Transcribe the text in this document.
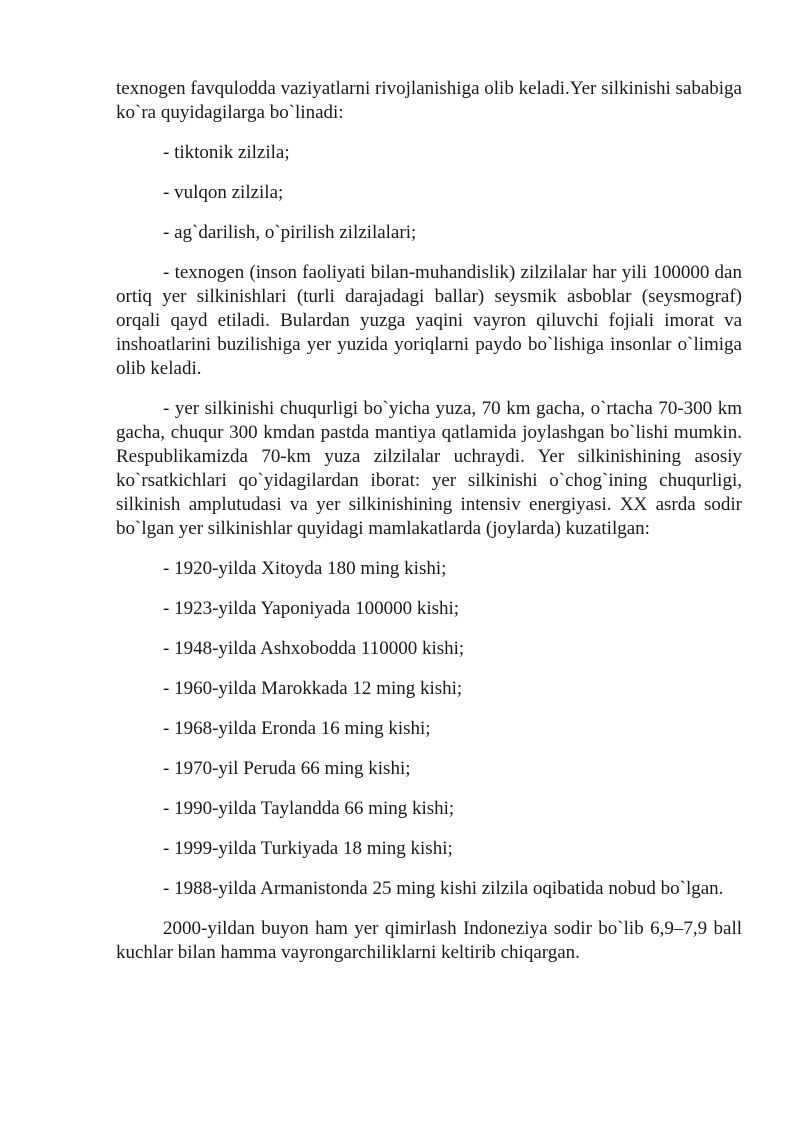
texnogen favqulodda vaziyatlarni rivojlanishiga olib keladi.Yer silkinishi sababiga ko`ra quyidagilarga bo`linadi:

- tiktonik zilzila;

- vulqon zilzila;

- ag`darilish, o`pirilish zilzilalari;

- texnogen (inson faoliyati bilan-muhandislik) zilzilalar har yili 100000 dan ortiq yer silkinishlari (turli darajadagi ballar) seysmik asboblar (seysmograf) orqali qayd etiladi. Bulardan yuzga yaqini vayron qiluvchi fojiali imorat va inshoatlarini buzilishiga yer yuzida yoriqlarni paydo bo`lishiga insonlar o`limiga olib keladi.

- yer silkinishi chuqurligi bo`yicha yuza, 70 km gacha, o`rtacha 70-300 km gacha, chuqur 300 kmdan pastda mantiya qatlamida joylashgan bo`lishi mumkin. Respublikamizda 70-km yuza zilzilalar uchraydi. Yer silkinishining asosiy ko`rsatkichlari qo`yidagilardan iborat: yer silkinishi o`chog`ining chuqurligi, silkinish amplutudasi va yer silkinishining intensiv energiyasi. XX asrda sodir bo`lgan yer silkinishlar quyidagi mamlakatlarda (joylarda) kuzatilgan:

- 1920-yilda Xitoyda 180 ming kishi;

- 1923-yilda Yaponiyada 100000 kishi;

- 1948-yilda Ashxobodda 110000 kishi;

- 1960-yilda Marokkada 12 ming kishi;

- 1968-yilda Eronda 16 ming kishi;

- 1970-yil Peruda 66 ming kishi;

- 1990-yilda Taylandda 66 ming kishi;

- 1999-yilda Turkiyada 18 ming kishi;

- 1988-yilda Armanistonda 25 ming kishi zilzila oqibatida nobud bo`lgan.

2000-yildan buyon ham yer qimirlash Indoneziya sodir bo`lib 6,9–7,9 ball kuchlar bilan hamma vayrongarchiliklarni keltirib chiqargan.
